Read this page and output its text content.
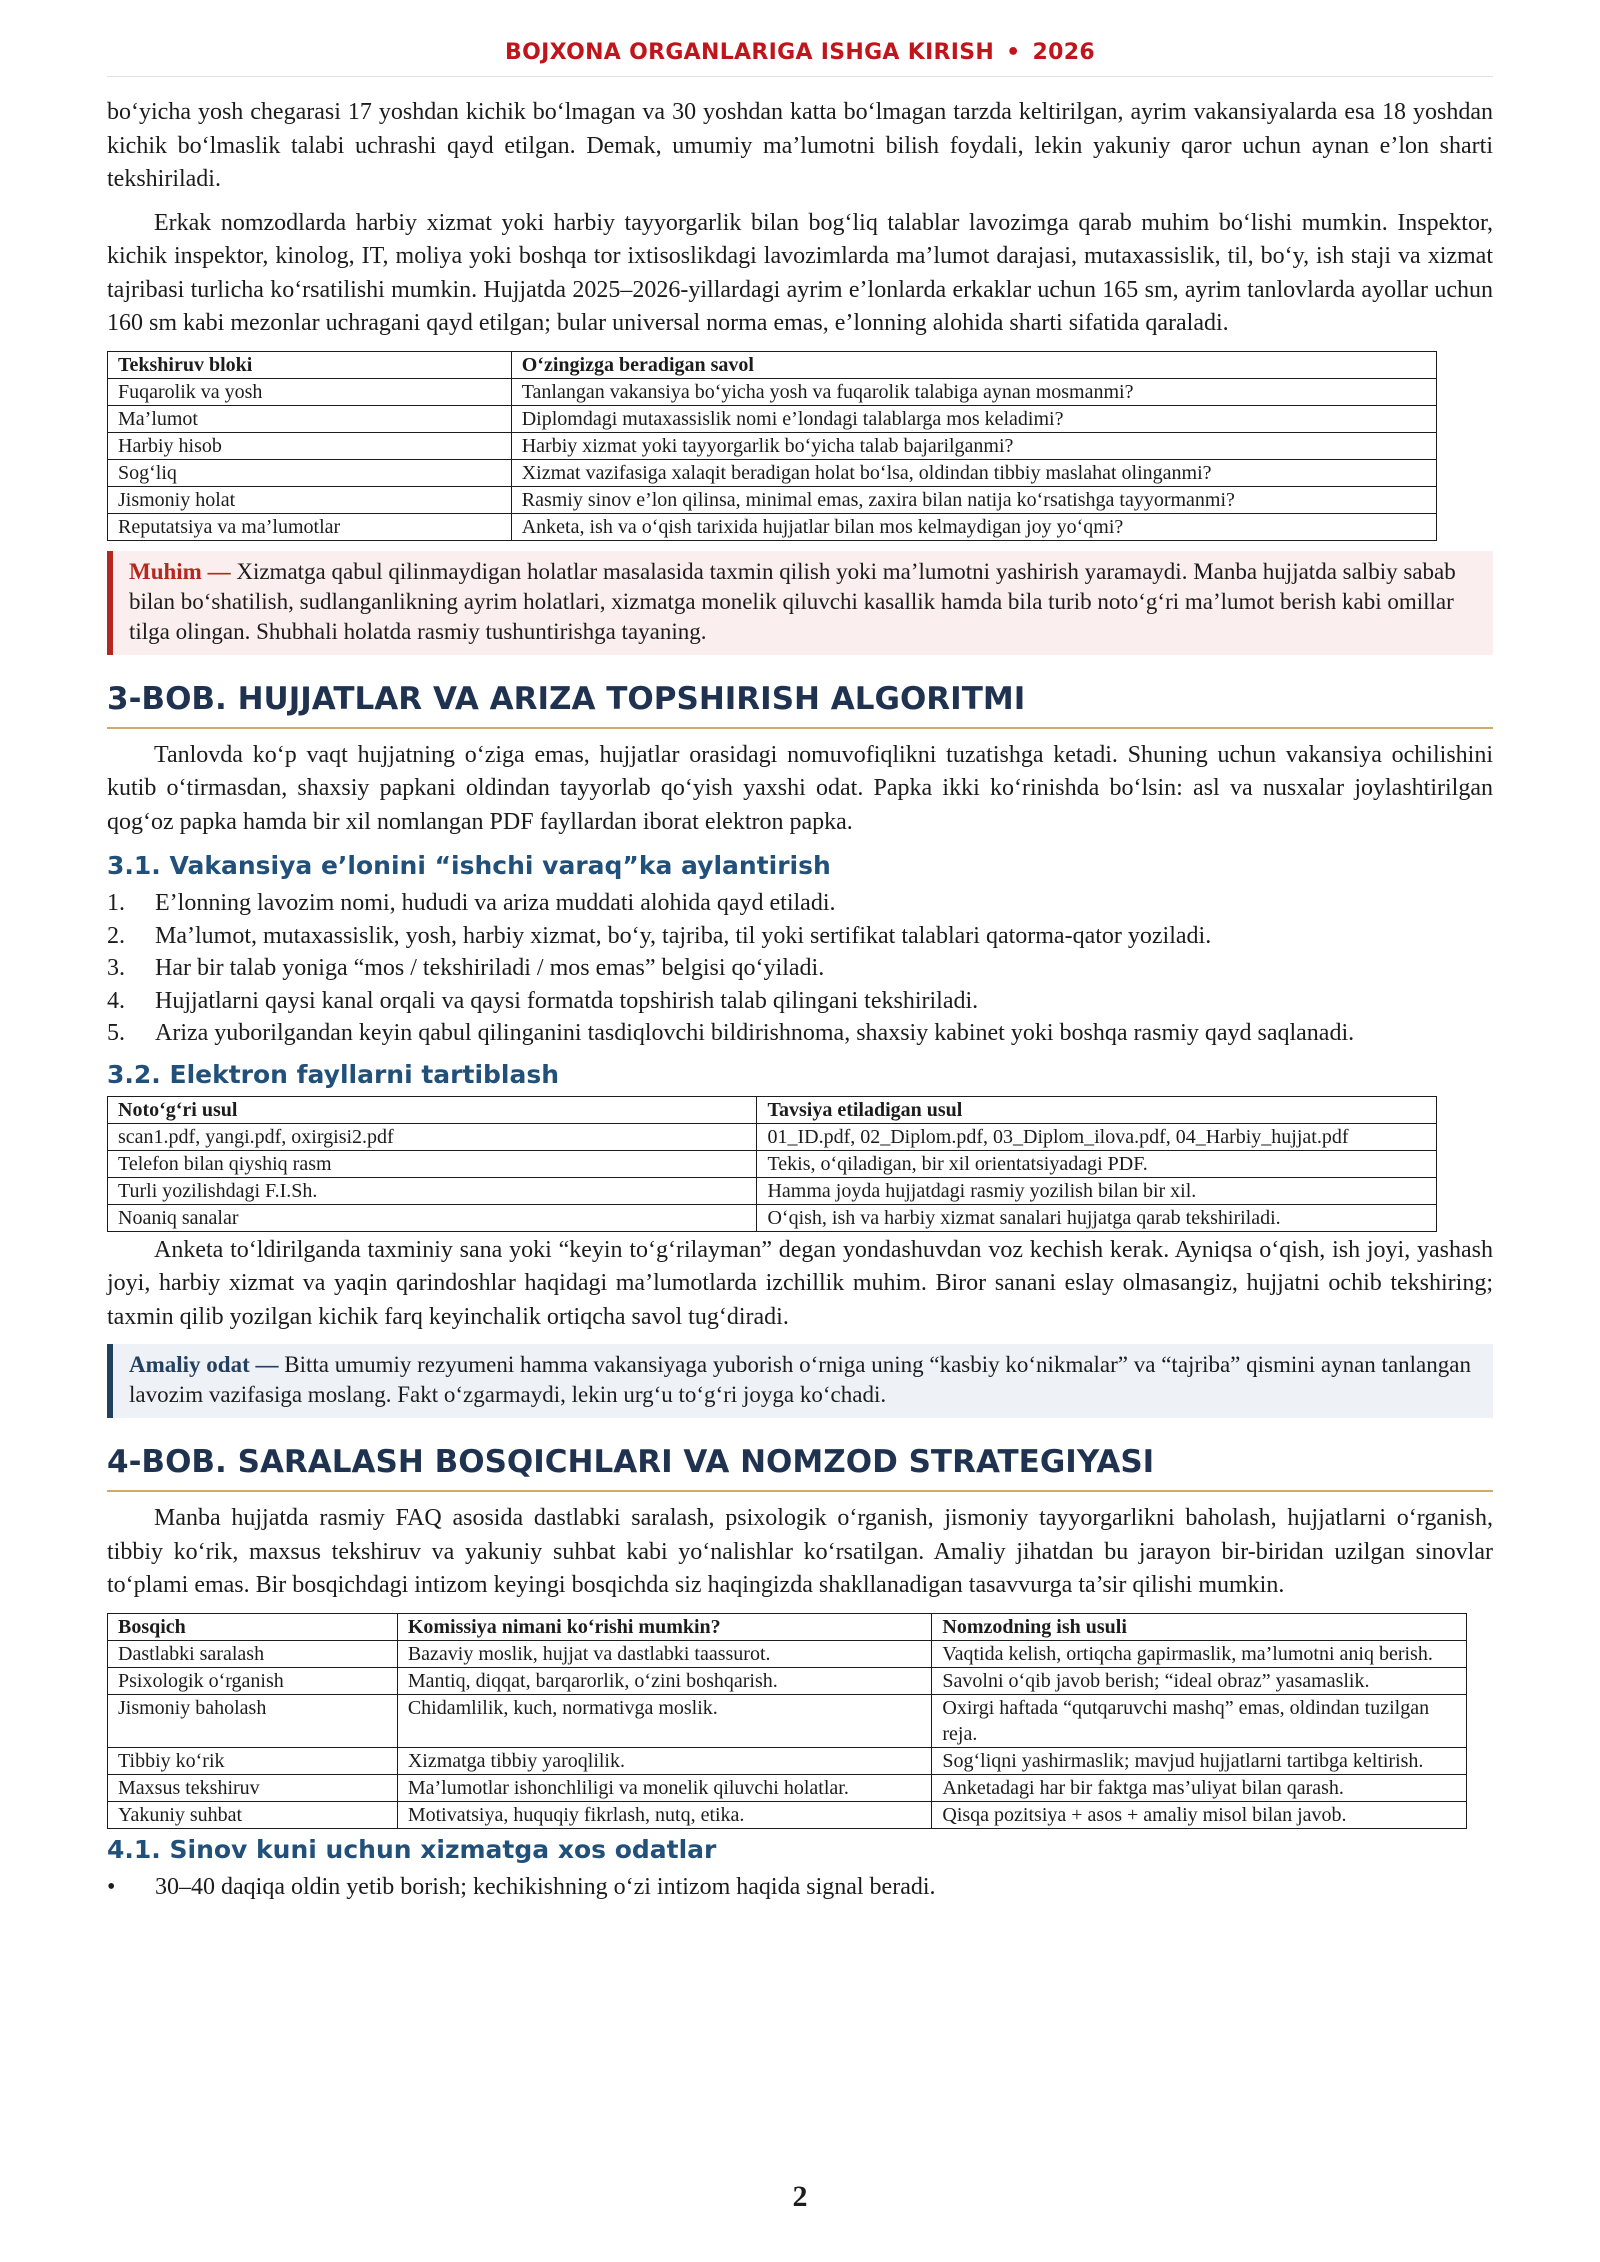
BOJXONA ORGANLARIGA ISHGA KIRISH • 2026

bo‘yicha yosh chegarasi 17 yoshdan kichik bo‘lmagan va 30 yoshdan katta bo‘lmagan tarzda keltirilgan, ayrim vakansiyalarda esa 18 yoshdan kichik bo‘lmaslik talabi uchrashi qayd etilgan. Demak, umumiy ma’lumotni bilish foydali, lekin yakuniy qaror uchun aynan e’lon sharti tekshiriladi.

Erkak nomzodlarda harbiy xizmat yoki harbiy tayyorgarlik bilan bog‘liq talablar lavozimga qarab muhim bo‘lishi mumkin. Inspektor, kichik inspektor, kinolog, IT, moliya yoki boshqa tor ixtisoslikdagi lavozimlarda ma’lumot darajasi, mutaxassislik, til, bo‘y, ish staji va xizmat tajribasi turlicha ko‘rsatilishi mumkin. Hujjatda 2025–2026-yillardagi ayrim e’lonlarda erkaklar uchun 165 sm, ayrim tanlovlarda ayollar uchun 160 sm kabi mezonlar uchragani qayd etilgan; bular universal norma emas, e’lonning alohida sharti sifatida qaraladi.

Tekshiruv bloki	O‘zingizga beradigan savol
Fuqarolik va yosh	Tanlangan vakansiya bo‘yicha yosh va fuqarolik talabiga aynan mosmanmi?
Ma’lumot	Diplomdagi mutaxassislik nomi e’londagi talablarga mos keladimi?
Harbiy hisob	Harbiy xizmat yoki tayyorgarlik bo‘yicha talab bajarilganmi?
Sog‘liq	Xizmat vazifasiga xalaqit beradigan holat bo‘lsa, oldindan tibbiy maslahat olinganmi?
Jismoniy holat	Rasmiy sinov e’lon qilinsa, minimal emas, zaxira bilan natija ko‘rsatishga tayyormanmi?
Reputatsiya va ma’lumotlar	Anketa, ish va o‘qish tarixida hujjatlar bilan mos kelmaydigan joy yo‘qmi?
Muhim — Xizmatga qabul qilinmaydigan holatlar masalasida taxmin qilish yoki ma’lumotni yashirish yaramaydi. Manba hujjatda salbiy sabab bilan bo‘shatilish, sudlanganlikning ayrim holatlari, xizmatga monelik qiluvchi kasallik hamda bila turib noto‘g‘ri ma’lumot berish kabi omillar tilga olingan. Shubhali holatda rasmiy tushuntirishga tayaning.
3-BOB. HUJJATLAR VA ARIZA TOPSHIRISH ALGORITMI

Tanlovda ko‘p vaqt hujjatning o‘ziga emas, hujjatlar orasidagi nomuvofiqlikni tuzatishga ketadi. Shuning uchun vakansiya ochilishini kutib o‘tirmasdan, shaxsiy papkani oldindan tayyorlab qo‘yish yaxshi odat. Papka ikki ko‘rinishda bo‘lsin: asl va nusxalar joylashtirilgan qog‘oz papka hamda bir xil nomlangan PDF fayllardan iborat elektron papka.

3.1. Vakansiya e’lonini “ishchi varaq”ka aylantirish
1. E’lonning lavozim nomi, hududi va ariza muddati alohida qayd etiladi.
2. Ma’lumot, mutaxassislik, yosh, harbiy xizmat, bo‘y, tajriba, til yoki sertifikat talablari qatorma-qator yoziladi.
3. Har bir talab yoniga “mos / tekshiriladi / mos emas” belgisi qo‘yiladi.
4. Hujjatlarni qaysi kanal orqali va qaysi formatda topshirish talab qilingani tekshiriladi.
5. Ariza yuborilgandan keyin qabul qilinganini tasdiqlovchi bildirishnoma, shaxsiy kabinet yoki boshqa rasmiy qayd saqlanadi.
3.2. Elektron fayllarni tartiblash
Noto‘g‘ri usul	Tavsiya etiladigan usul
scan1.pdf, yangi.pdf, oxirgisi2.pdf	01_ID.pdf, 02_Diplom.pdf, 03_Diplom_ilova.pdf, 04_Harbiy_hujjat.pdf
Telefon bilan qiyshiq rasm	Tekis, o‘qiladigan, bir xil orientatsiyadagi PDF.
Turli yozilishdagi F.I.Sh.	Hamma joyda hujjatdagi rasmiy yozilish bilan bir xil.
Noaniq sanalar	O‘qish, ish va harbiy xizmat sanalari hujjatga qarab tekshiriladi.

Anketa to‘ldirilganda taxminiy sana yoki “keyin to‘g‘rilayman” degan yondashuvdan voz kechish kerak. Ayniqsa o‘qish, ish joyi, yashash joyi, harbiy xizmat va yaqin qarindoshlar haqidagi ma’lumotlarda izchillik muhim. Biror sanani eslay olmasangiz, hujjatni ochib tekshiring; taxmin qilib yozilgan kichik farq keyinchalik ortiqcha savol tug‘diradi.

Amaliy odat — Bitta umumiy rezyumeni hamma vakansiyaga yuborish o‘rniga uning “kasbiy ko‘nikmalar” va “tajriba” qismini aynan tanlangan lavozim vazifasiga moslang. Fakt o‘zgarmaydi, lekin urg‘u to‘g‘ri joyga ko‘chadi.
4-BOB. SARALASH BOSQICHLARI VA NOMZOD STRATEGIYASI

Manba hujjatda rasmiy FAQ asosida dastlabki saralash, psixologik o‘rganish, jismoniy tayyorgarlikni baholash, hujjatlarni o‘rganish, tibbiy ko‘rik, maxsus tekshiruv va yakuniy suhbat kabi yo‘nalishlar ko‘rsatilgan. Amaliy jihatdan bu jarayon bir-biridan uzilgan sinovlar to‘plami emas. Bir bosqichdagi intizom keyingi bosqichda siz haqingizda shakllanadigan tasavvurga ta’sir qilishi mumkin.

Bosqich	Komissiya nimani ko‘rishi mumkin?	Nomzodning ish usuli
Dastlabki saralash	Bazaviy moslik, hujjat va dastlabki taassurot.	Vaqtida kelish, ortiqcha gapirmaslik, ma’lumotni aniq berish.
Psixologik o‘rganish	Mantiq, diqqat, barqarorlik, o‘zini boshqarish.	Savolni o‘qib javob berish; “ideal obraz” yasamaslik.
Jismoniy baholash	Chidamlilik, kuch, normativga moslik.	Oxirgi haftada “qutqaruvchi mashq” emas, oldindan tuzilgan reja.
Tibbiy ko‘rik	Xizmatga tibbiy yaroqlilik.	Sog‘liqni yashirmaslik; mavjud hujjatlarni tartibga keltirish.
Maxsus tekshiruv	Ma’lumotlar ishonchliligi va monelik qiluvchi holatlar.	Anketadagi har bir faktga mas’uliyat bilan qarash.
Yakuniy suhbat	Motivatsiya, huquqiy fikrlash, nutq, etika.	Qisqa pozitsiya + asos + amaliy misol bilan javob.
4.1. Sinov kuni uchun xizmatga xos odatlar
• 30–40 daqiqa oldin yetib borish; kechikishning o‘zi intizom haqida signal beradi.
2
